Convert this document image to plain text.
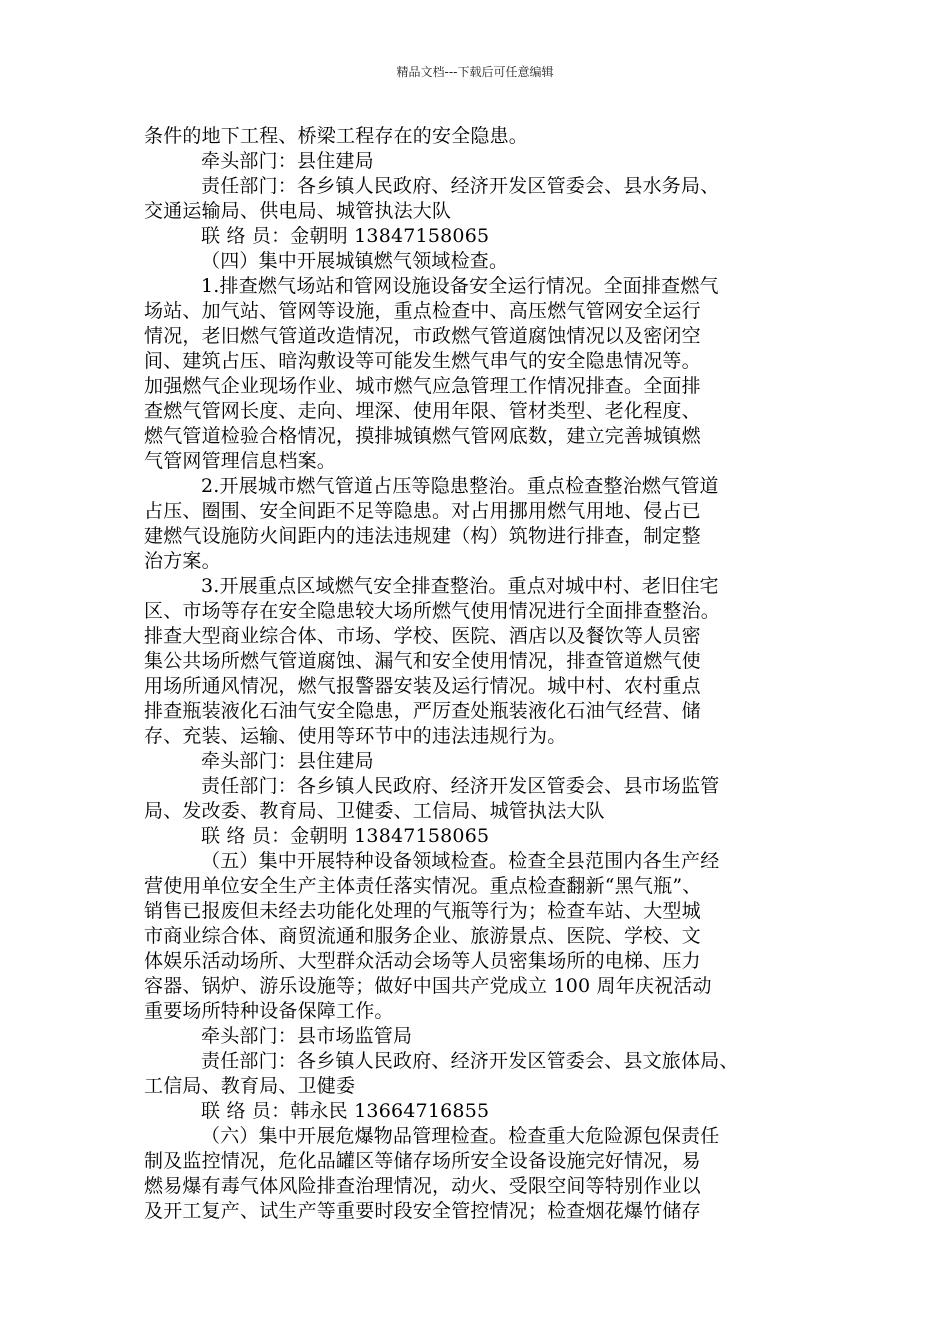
精品文档---下载后可任意编辑
条件的地下工程、桥梁工程存在的安全隐患。
牵头部门：县住建局
责任部门：各乡镇人民政府、经济开发区管委会、县水务局、
交通运输局、供电局、城管执法大队
联 络 员：金朝明 13847158065
（四）集中开展城镇燃气领域检查。
1.排查燃气场站和管网设施设备安全运行情况。全面排查燃气
场站、加气站、管网等设施，重点检查中、高压燃气管网安全运行
情况，老旧燃气管道改造情况，市政燃气管道腐蚀情况以及密闭空
间、建筑占压、暗沟敷设等可能发生燃气串气的安全隐患情况等。
加强燃气企业现场作业、城市燃气应急管理工作情况排查。全面排
查燃气管网长度、走向、埋深、使用年限、管材类型、老化程度、
燃气管道检验合格情况，摸排城镇燃气管网底数，建立完善城镇燃
气管网管理信息档案。
2.开展城市燃气管道占压等隐患整治。重点检查整治燃气管道
占压、圈围、安全间距不足等隐患。对占用挪用燃气用地、侵占已
建燃气设施防火间距内的违法违规建（构）筑物进行排查，制定整
治方案。
3.开展重点区域燃气安全排查整治。重点对城中村、老旧住宅
区、市场等存在安全隐患较大场所燃气使用情况进行全面排查整治。
排查大型商业综合体、市场、学校、医院、酒店以及餐饮等人员密
集公共场所燃气管道腐蚀、漏气和安全使用情况，排查管道燃气使
用场所通风情况，燃气报警器安装及运行情况。城中村、农村重点
排查瓶装液化石油气安全隐患，严厉查处瓶装液化石油气经营、储
存、充装、运输、使用等环节中的违法违规行为。
牵头部门：县住建局
责任部门：各乡镇人民政府、经济开发区管委会、县市场监管
局、发改委、教育局、卫健委、工信局、城管执法大队
联 络 员：金朝明 13847158065
（五）集中开展特种设备领域检查。检查全县范围内各生产经
营使用单位安全生产主体责任落实情况。重点检查翻新“黑气瓶”、
销售已报废但未经去功能化处理的气瓶等行为；检查车站、大型城
市商业综合体、商贸流通和服务企业、旅游景点、医院、学校、文
体娱乐活动场所、大型群众活动会场等人员密集场所的电梯、压力
容器、锅炉、游乐设施等；做好中国共产党成立 100 周年庆祝活动
重要场所特种设备保障工作。
牵头部门：县市场监管局
责任部门：各乡镇人民政府、经济开发区管委会、县文旅体局、
工信局、教育局、卫健委
联 络 员：韩永民 13664716855
（六）集中开展危爆物品管理检查。检查重大危险源包保责任
制及监控情况，危化品罐区等储存场所安全设备设施完好情况，易
燃易爆有毒气体风险排查治理情况，动火、受限空间等特别作业以
及开工复产、试生产等重要时段安全管控情况；检查烟花爆竹储存
